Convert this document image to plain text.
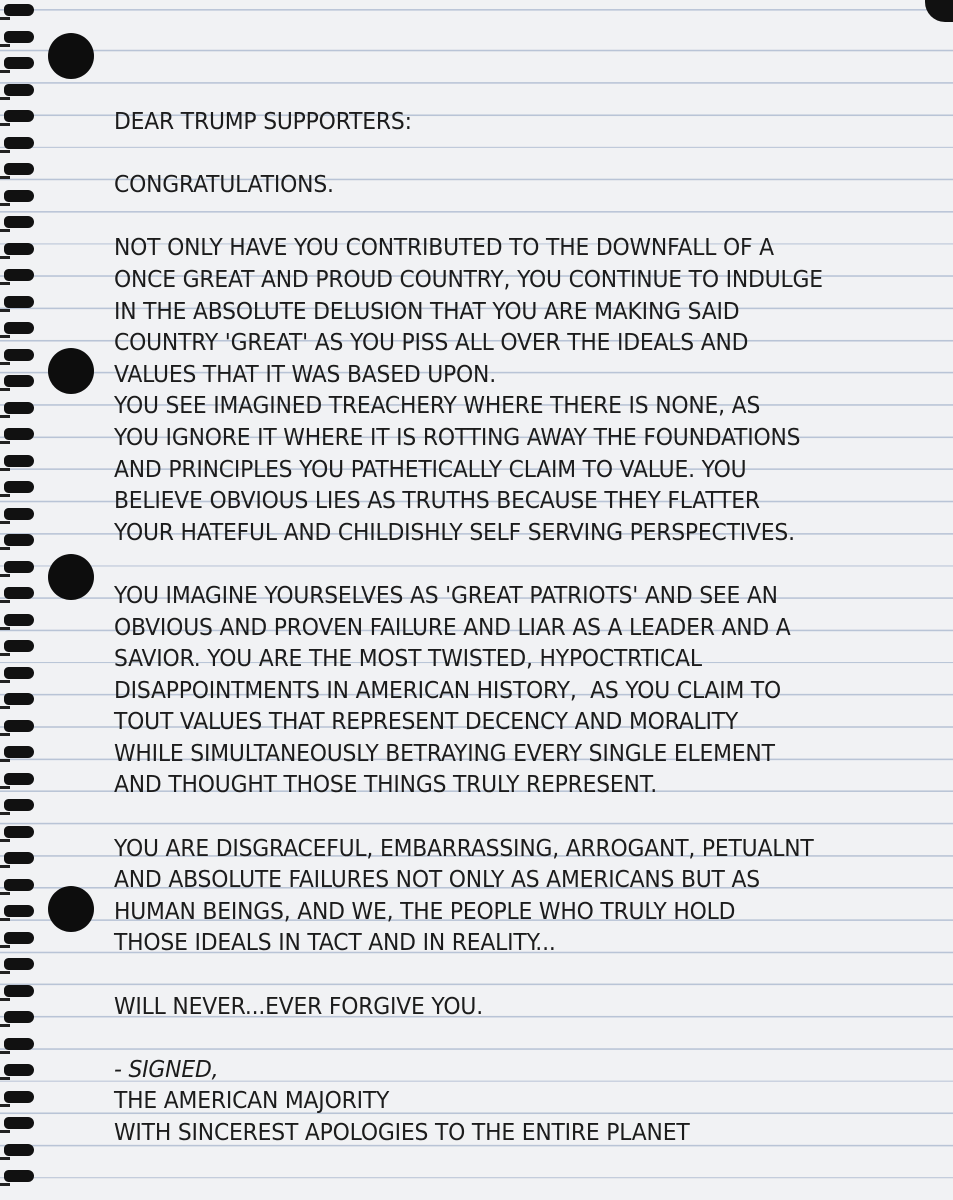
DEAR TRUMP SUPPORTERS:
CONGRATULATIONS.
NOT ONLY HAVE YOU CONTRIBUTED TO THE DOWNFALL OF A
ONCE GREAT AND PROUD COUNTRY, YOU CONTINUE TO INDULGE
IN THE ABSOLUTE DELUSION THAT YOU ARE MAKING SAID
COUNTRY 'GREAT' AS YOU PISS ALL OVER THE IDEALS AND
VALUES THAT IT WAS BASED UPON.
YOU SEE IMAGINED TREACHERY WHERE THERE IS NONE, AS
YOU IGNORE IT WHERE IT IS ROTTING AWAY THE FOUNDATIONS
AND PRINCIPLES YOU PATHETICALLY CLAIM TO VALUE. YOU
BELIEVE OBVIOUS LIES AS TRUTHS BECAUSE THEY FLATTER
YOUR HATEFUL AND CHILDISHLY SELF SERVING PERSPECTIVES.
YOU IMAGINE YOURSELVES AS 'GREAT PATRIOTS' AND SEE AN
OBVIOUS AND PROVEN FAILURE AND LIAR AS A LEADER AND A
SAVIOR. YOU ARE THE MOST TWISTED, HYPOCTRTICAL
DISAPPOINTMENTS IN AMERICAN HISTORY,  AS YOU CLAIM TO
TOUT VALUES THAT REPRESENT DECENCY AND MORALITY
WHILE SIMULTANEOUSLY BETRAYING EVERY SINGLE ELEMENT
AND THOUGHT THOSE THINGS TRULY REPRESENT.
YOU ARE DISGRACEFUL, EMBARRASSING, ARROGANT, PETUALNT
AND ABSOLUTE FAILURES NOT ONLY AS AMERICANS BUT AS
HUMAN BEINGS, AND WE, THE PEOPLE WHO TRULY HOLD
THOSE IDEALS IN TACT AND IN REALITY...
WILL NEVER...EVER FORGIVE YOU.
- SIGNED,
THE AMERICAN MAJORITY
WITH SINCEREST APOLOGIES TO THE ENTIRE PLANET
